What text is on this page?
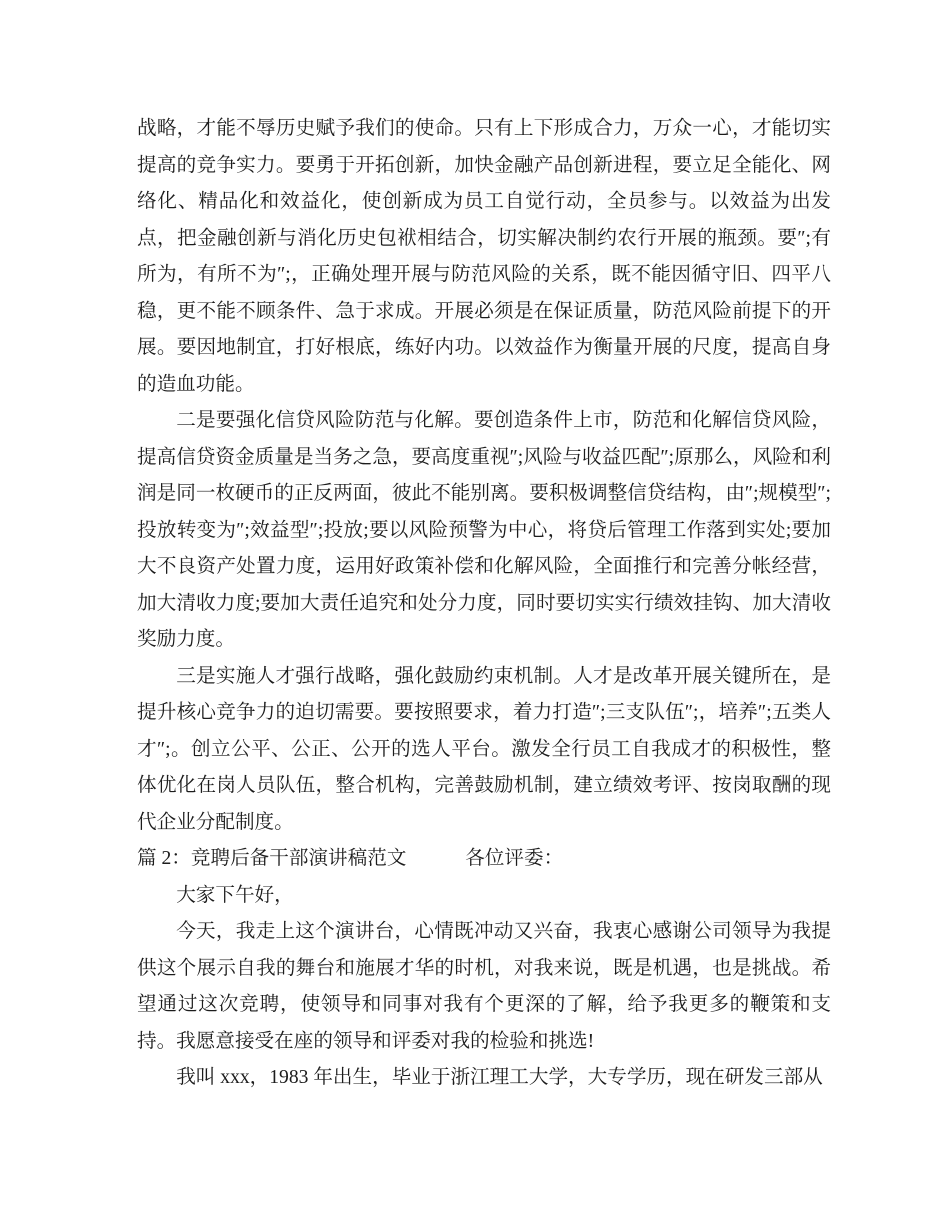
战略，才能不辱历史赋予我们的使命。只有上下形成合力，万众一心，才能切实提高的竞争实力。要勇于开拓创新，加快金融产品创新进程，要立足全能化、网络化、精品化和效益化，使创新成为员工自觉行动，全员参与。以效益为出发点，把金融创新与消化历史包袱相结合，切实解决制约农行开展的瓶颈。要″;有所为，有所不为″;，正确处理开展与防范风险的关系，既不能因循守旧、四平八稳，更不能不顾条件、急于求成。开展必须是在保证质量，防范风险前提下的开展。要因地制宜，打好根底，练好内功。以效益作为衡量开展的尺度，提高自身的造血功能。

二是要强化信贷风险防范与化解。要创造条件上市，防范和化解信贷风险，提高信贷资金质量是当务之急，要高度重视″;风险与收益匹配″;原那么，风险和利润是同一枚硬币的正反两面，彼此不能别离。要积极调整信贷结构，由″;规模型″;投放转变为″;效益型″;投放;要以风险预警为中心，将贷后管理工作落到实处;要加大不良资产处置力度，运用好政策补偿和化解风险，全面推行和完善分帐经营，加大清收力度;要加大责任追究和处分力度，同时要切实实行绩效挂钩、加大清收奖励力度。

三是实施人才强行战略，强化鼓励约束机制。人才是改革开展关键所在，是提升核心竞争力的迫切需要。要按照要求，着力打造″;三支队伍″;，培养″;五类人才″;。创立公平、公正、公开的选人平台。激发全行员工自我成才的积极性，整体优化在岗人员队伍，整合机构，完善鼓励机制，建立绩效考评、按岗取酬的现代企业分配制度。

篇 2：竞聘后备干部演讲稿范文　　　各位评委：

大家下午好，

今天，我走上这个演讲台，心情既冲动又兴奋，我衷心感谢公司领导为我提供这个展示自我的舞台和施展才华的时机，对我来说，既是机遇，也是挑战。希望通过这次竞聘，使领导和同事对我有个更深的了解，给予我更多的鞭策和支持。我愿意接受在座的领导和评委对我的检验和挑选!

我叫 xxx，1983 年出生，毕业于浙江理工大学，大专学历，现在研发三部从
